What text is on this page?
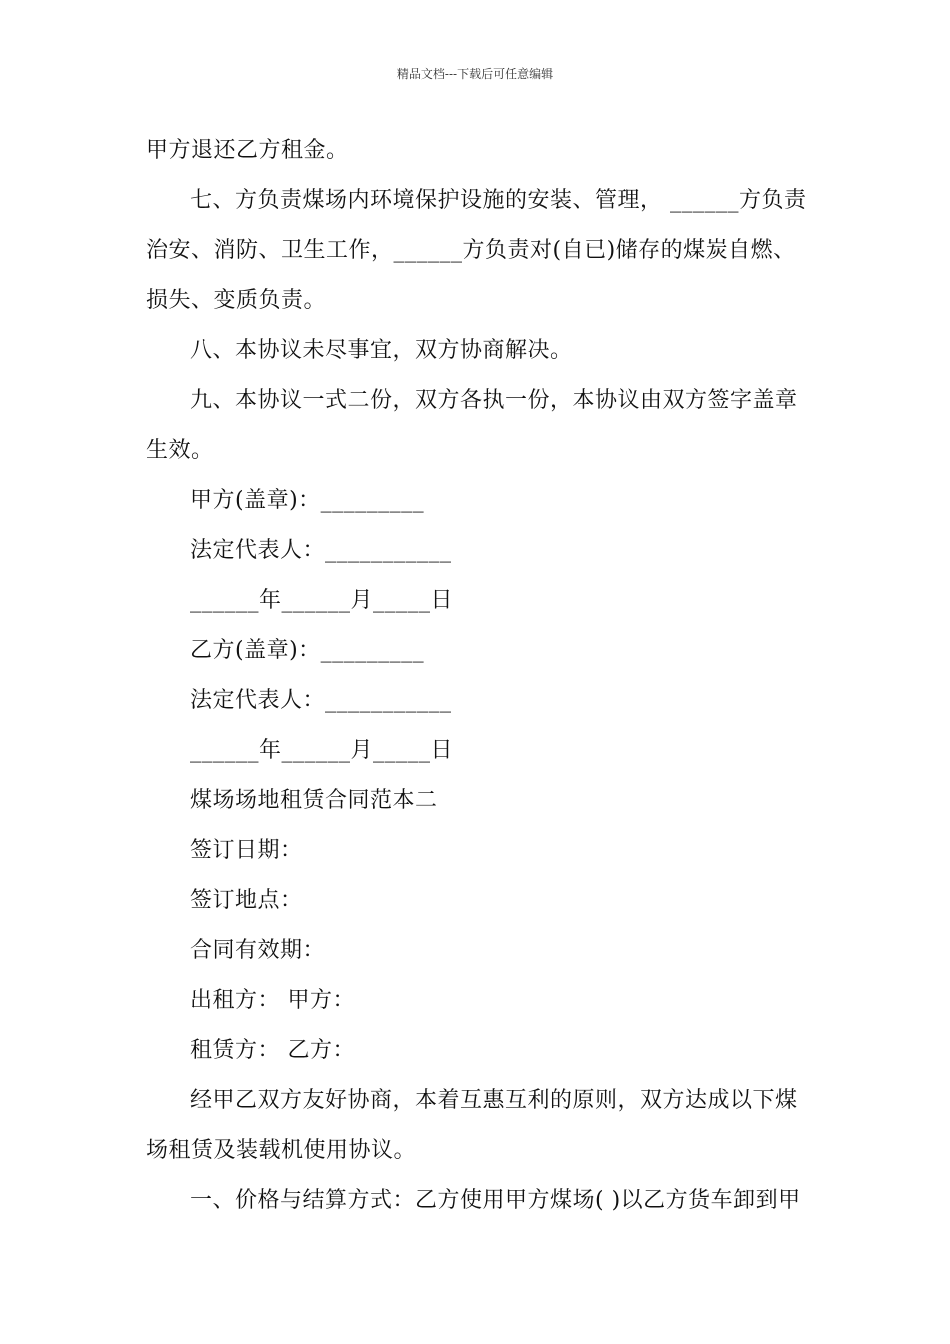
精品文档---下载后可任意编辑
甲方退还乙方租金。
七、方负责煤场内环境保护设施的安装、管理， ______方负责
治安、消防、卫生工作，______方负责对(自已)储存的煤炭自燃、
损失、变质负责。
八、本协议未尽事宜，双方协商解决。
九、本协议一式二份，双方各执一份，本协议由双方签字盖章
生效。
甲方(盖章)：_________
法定代表人：___________
______年______月_____日
乙方(盖章)：_________
法定代表人：___________
______年______月_____日
煤场场地租赁合同范本二
签订日期：
签订地点：
合同有效期：
出租方： 甲方：
租赁方： 乙方：
经甲乙双方友好协商，本着互惠互利的原则，双方达成以下煤
场租赁及装载机使用协议。
一、价格与结算方式：乙方使用甲方煤场( )以乙方货车卸到甲
